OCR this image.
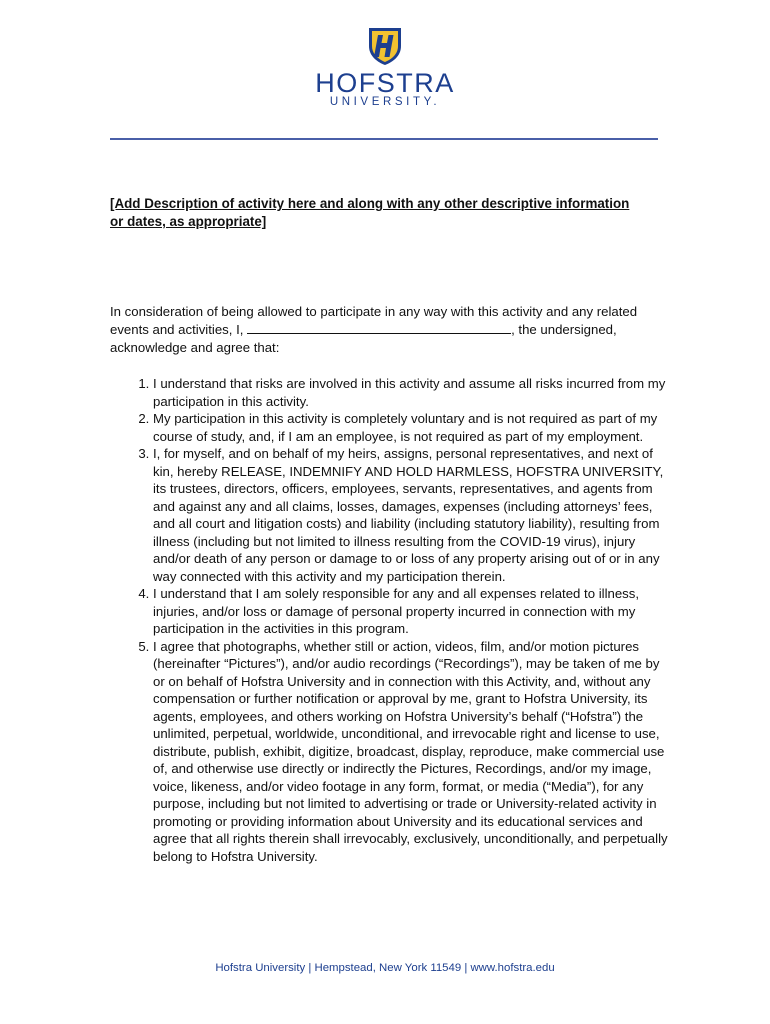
HOFSTRA
UNIVERSITY.
[Add Description of activity here and along with any other descriptive information or dates, as appropriate]
In consideration of being allowed to participate in any way with this activity and any related events and activities, I,	, the undersigned, acknowledge and agree that:
1. I understand that risks are involved in this activity and assume all risks incurred from my participation in this activity.
2. My participation in this activity is completely voluntary and is not required as part of my course of study, and, if I am an employee, is not required as part of my employment.
3. I, for myself, and on behalf of my heirs, assigns, personal representatives, and next of kin, hereby RELEASE, INDEMNIFY AND HOLD HARMLESS, HOFSTRA UNIVERSITY, its trustees, directors, officers, employees, servants, representatives, and agents from and against any and all claims, losses, damages, expenses (including attorneys’ fees, and all court and litigation costs) and liability (including statutory liability), resulting from illness (including but not limited to illness resulting from the COVID-19 virus), injury and/or death of any person or damage to or loss of any property arising out of or in any way connected with this activity and my participation therein.
4. I understand that I am solely responsible for any and all expenses related to illness, injuries, and/or loss or damage of personal property incurred in connection with my participation in the activities in this program.
5. I agree that photographs, whether still or action, videos, film, and/or motion pictures (hereinafter “Pictures”), and/or audio recordings (“Recordings”), may be taken of me by or on behalf of Hofstra University and in connection with this Activity, and, without any compensation or further notification or approval by me, grant to Hofstra University, its agents, employees, and others working on Hofstra University’s behalf (“Hofstra”) the unlimited, perpetual, worldwide, unconditional, and irrevocable right and license to use, distribute, publish, exhibit, digitize, broadcast, display, reproduce, make commercial use of, and otherwise use directly or indirectly the Pictures, Recordings, and/or my image, voice, likeness, and/or video footage in any form, format, or media (“Media”), for any purpose, including but not limited to advertising or trade or University-related activity in promoting or providing information about University and its educational services and agree that all rights therein shall irrevocably, exclusively, unconditionally, and perpetually belong to Hofstra University.
Hofstra University | Hempstead, New York 11549 | www.hofstra.edu
